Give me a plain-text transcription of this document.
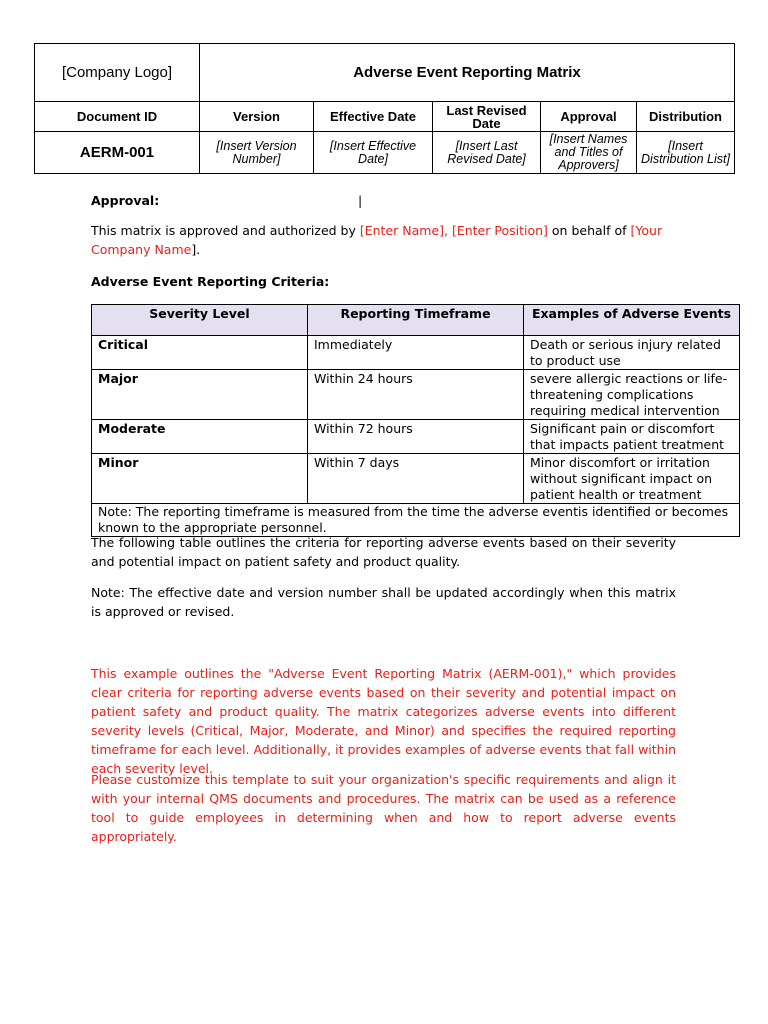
[Company Logo]	Adverse Event Reporting Matrix				
Document ID	Version	Effective Date	Last Revised Date	Approval	Distribution
AERM-001	[Insert Version Number]	[Insert Effective Date]	[Insert Last Revised Date]	[Insert Names and Titles of Approvers]	[Insert Distribution List]
Approval:	|
This matrix is approved and authorized by [Enter Name], [Enter Position] on behalf of [Your Company Name].
Adverse Event Reporting Criteria:
Severity Level	Reporting Timeframe	Examples of Adverse Events
Critical	Immediately	Death or serious injury related to product use
Major	Within 24 hours	severe allergic reactions or life-threatening complications requiring medical intervention
Moderate	Within 72 hours	Significant pain or discomfort that impacts patient treatment
Minor	Within 7 days	Minor discomfort or irritation without significant impact on patient health or treatment
Note: The reporting timeframe is measured from the time the adverse eventis identified or becomes known to the appropriate personnel.		
The following table outlines the criteria for reporting adverse events based on their severity and potential impact on patient safety and product quality.
Note: The effective date and version number shall be updated accordingly when this matrix is approved or revised.
This example outlines the "Adverse Event Reporting Matrix (AERM-001)," which provides clear criteria for reporting adverse events based on their severity and potential impact on patient safety and product quality. The matrix categorizes adverse events into different severity levels (Critical, Major, Moderate, and Minor) and specifies the required reporting timeframe for each level. Additionally, it provides examples of adverse events that fall within each severity level.
Please customize this template to suit your organization's specific requirements and align it with your internal QMS documents and procedures. The matrix can be used as a reference tool to guide employees in determining when and how to report adverse events appropriately.
